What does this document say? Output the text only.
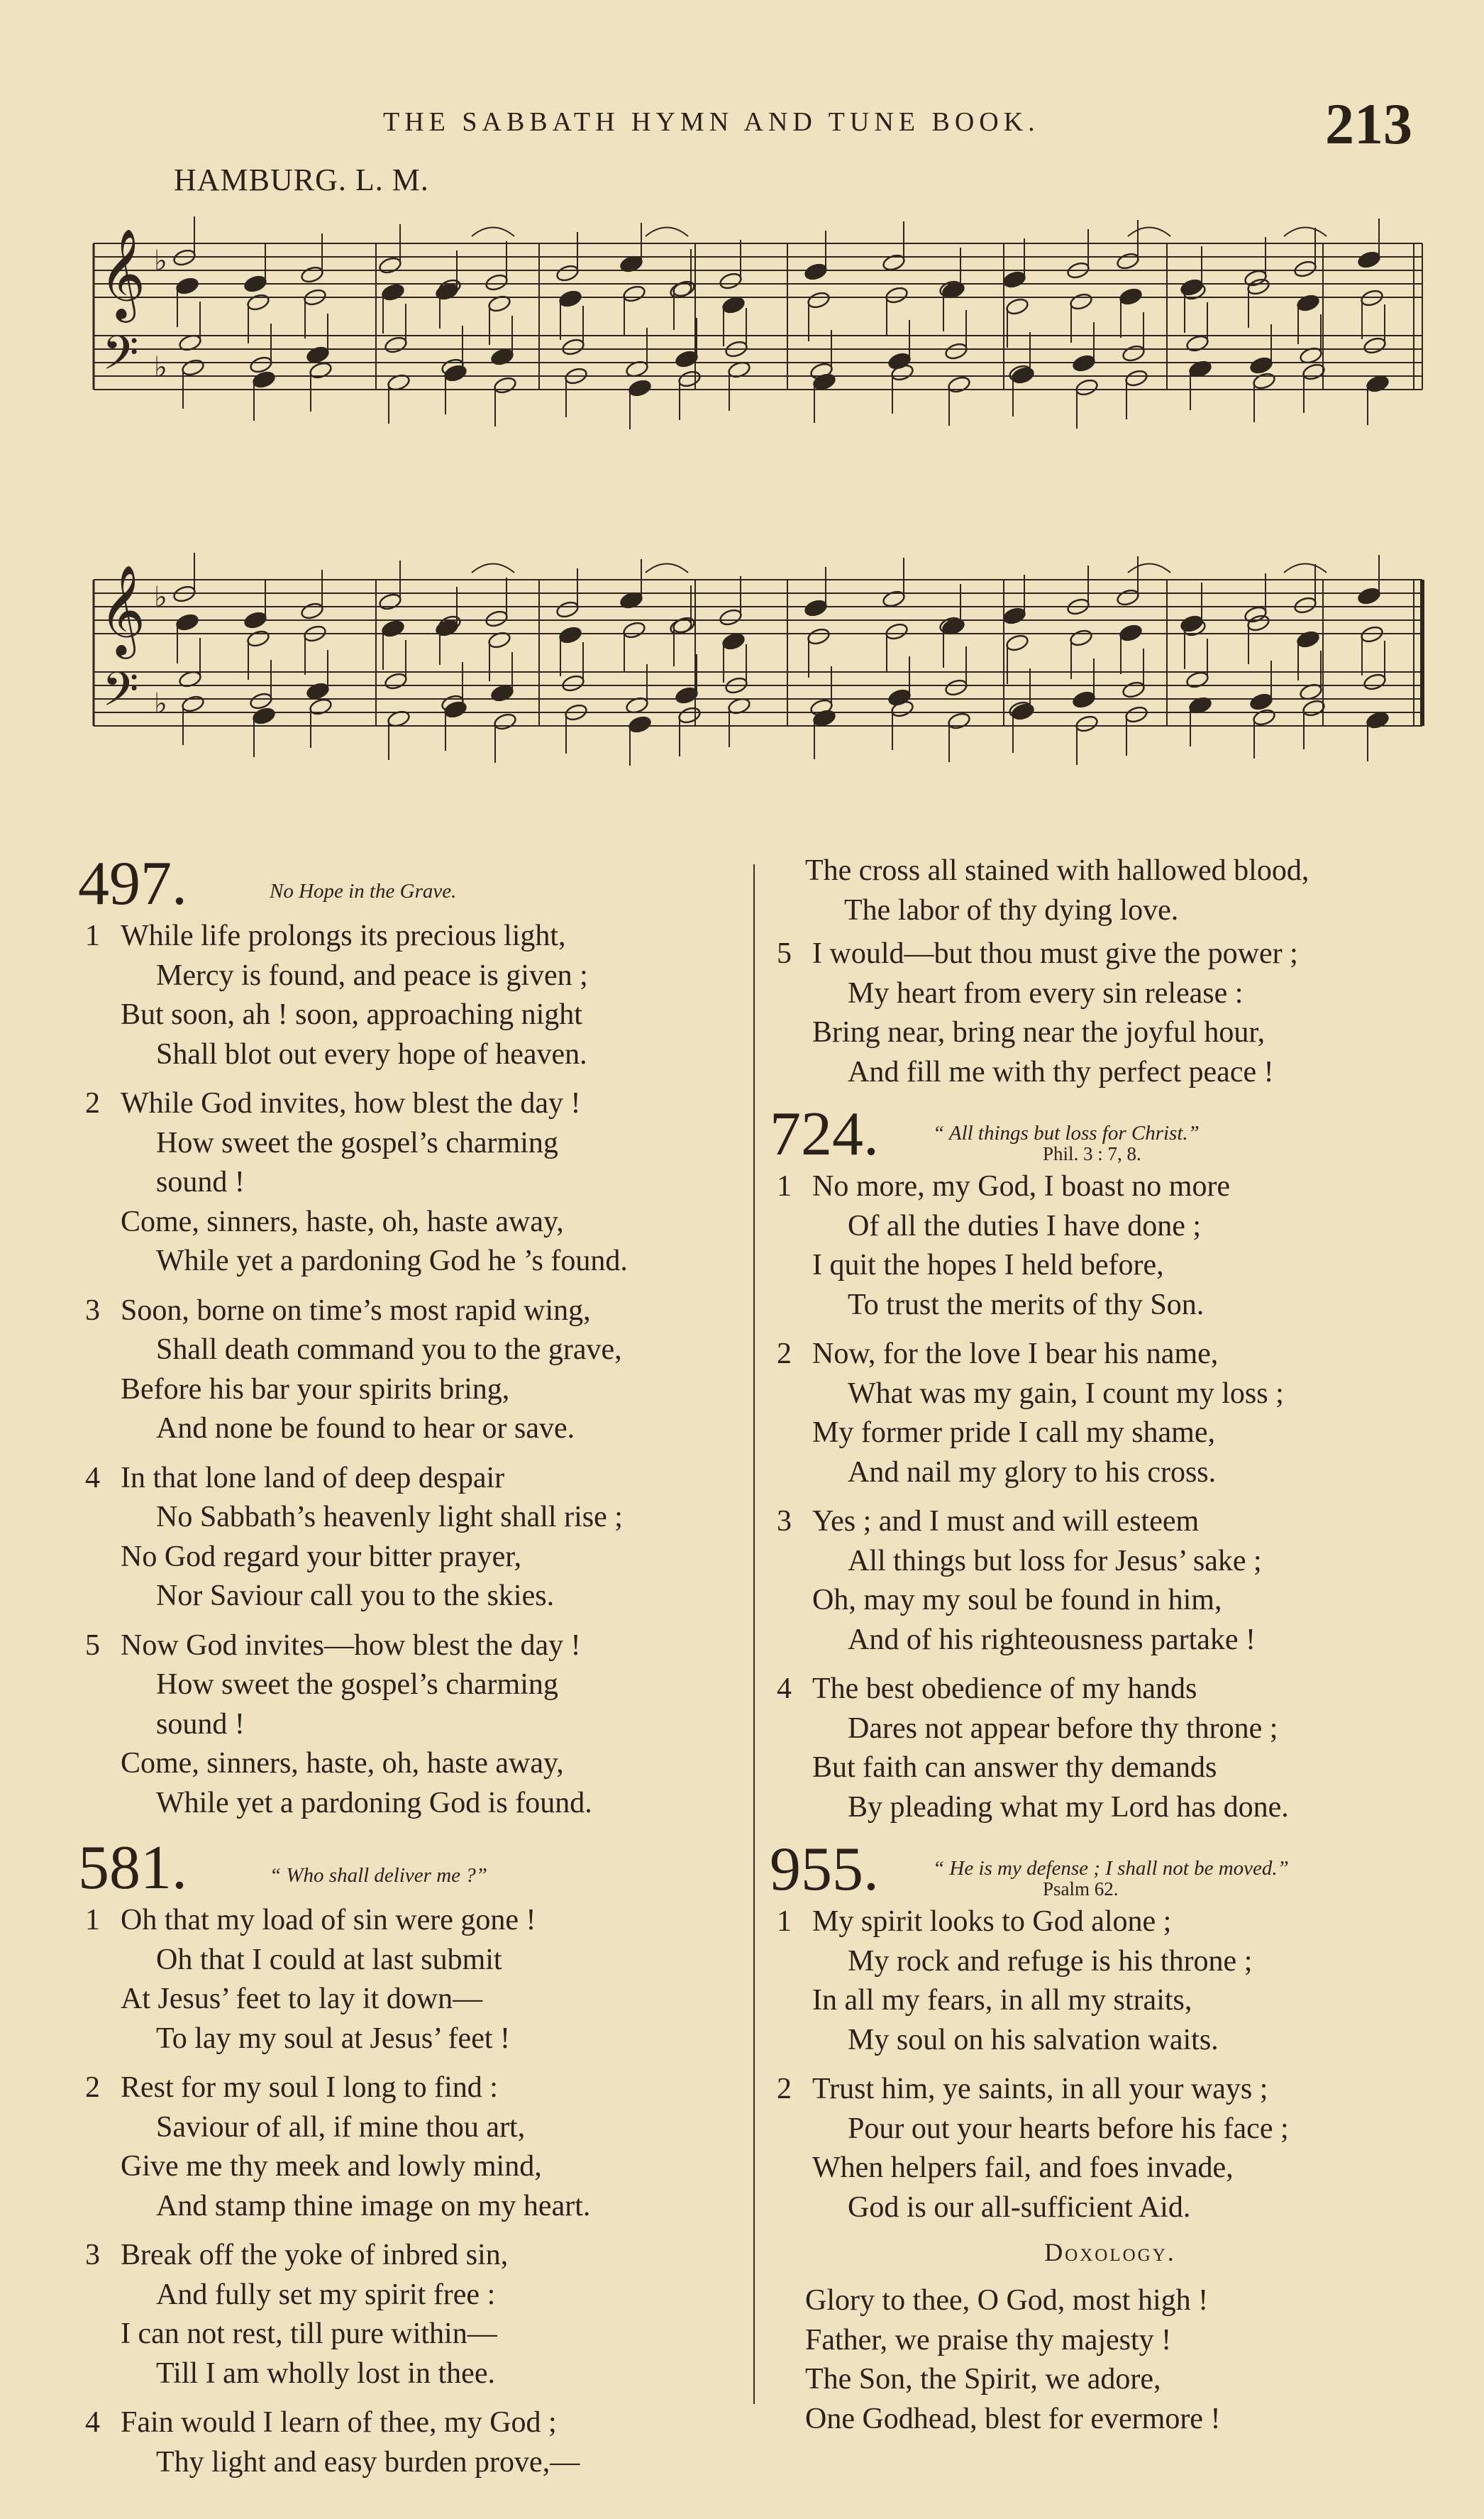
THE SABBATH HYMN AND TUNE BOOK.	213
HAMBURG. L. M.
𝄞
𝄢
♭
♭
𝄞
𝄢
♭
♭
497.	No Hope in the Grave.
1 While life prolongs its precious light,
Mercy is found, and peace is given ;
But soon, ah ! soon, approaching night
Shall blot out every hope of heaven.
2 While God invites, how blest the day !
How sweet the gospel’s charming
sound !
Come, sinners, haste, oh, haste away,
While yet a pardoning God he ’s found.
3 Soon, borne on time’s most rapid wing,
Shall death command you to the grave,
Before his bar your spirits bring,
And none be found to hear or save.
4 In that lone land of deep despair
No Sabbath’s heavenly light shall rise ;
No God regard your bitter prayer,
Nor Saviour call you to the skies.
5 Now God invites—how blest the day !
How sweet the gospel’s charming
sound !
Come, sinners, haste, oh, haste away,
While yet a pardoning God is found.
581.	“ Who shall deliver me ?”
1 Oh that my load of sin were gone !
Oh that I could at last submit
At Jesus’ feet to lay it down—
To lay my soul at Jesus’ feet !
2 Rest for my soul I long to find :
Saviour of all, if mine thou art,
Give me thy meek and lowly mind,
And stamp thine image on my heart.
3 Break off the yoke of inbred sin,
And fully set my spirit free :
I can not rest, till pure within—
Till I am wholly lost in thee.
4 Fain would I learn of thee, my God ;
Thy light and easy burden prove,—
The cross all stained with hallowed blood,
The labor of thy dying love.
5 I would—but thou must give the power ;
My heart from every sin release :
Bring near, bring near the joyful hour,
And fill me with thy perfect peace !
724.	“ All things but loss for Christ.”
Phil. 3 : 7, 8.
1 No more, my God, I boast no more
Of all the duties I have done ;
I quit the hopes I held before,
To trust the merits of thy Son.
2 Now, for the love I bear his name,
What was my gain, I count my loss ;
My former pride I call my shame,
And nail my glory to his cross.
3 Yes ; and I must and will esteem
All things but loss for Jesus’ sake ;
Oh, may my soul be found in him,
And of his righteousness partake !
4 The best obedience of my hands
Dares not appear before thy throne ;
But faith can answer thy demands
By pleading what my Lord has done.
955.	“ He is my defense ; I shall not be moved.”
Psalm 62.
1 My spirit looks to God alone ;
My rock and refuge is his throne ;
In all my fears, in all my straits,
My soul on his salvation waits.
2 Trust him, ye saints, in all your ways ;
Pour out your hearts before his face ;
When helpers fail, and foes invade,
God is our all-sufficient Aid.
Doxology.
Glory to thee, O God, most high !
Father, we praise thy majesty !
The Son, the Spirit, we adore,
One Godhead, blest for evermore !
